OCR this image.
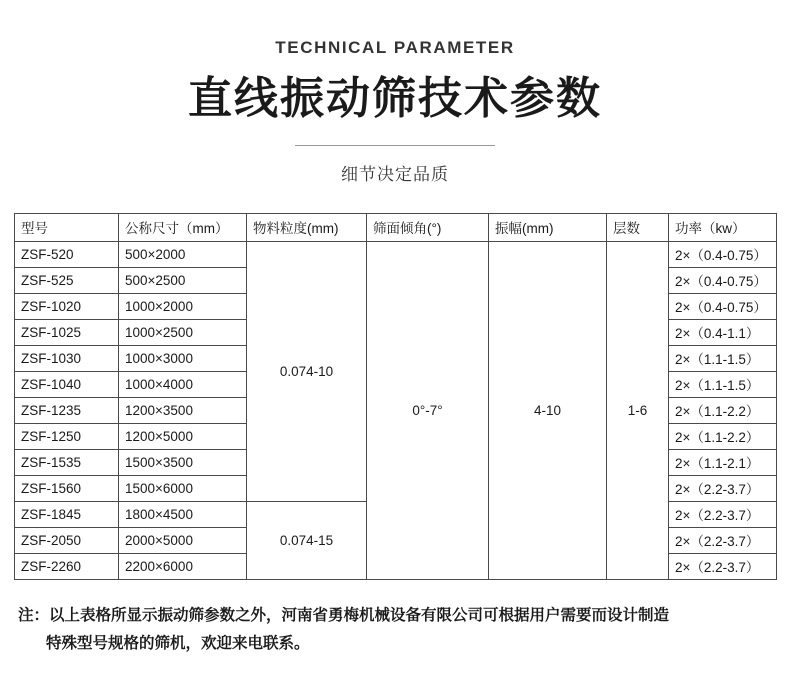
TECHNICAL PARAMETER
直线振动筛技术参数
细节决定品质
型号	公称尺寸（mm）	物料粒度(mm)	筛面倾角(°)	振幅(mm)	层数	功率（kw）
ZSF-520	500×2000	0.074-10	0°-7°	4-10	1-6	2×（0.4-0.75）
ZSF-525	500×2500					2×（0.4-0.75）
ZSF-1020	1000×2000					2×（0.4-0.75）
ZSF-1025	1000×2500					2×（0.4-1.1）
ZSF-1030	1000×3000					2×（1.1-1.5）
ZSF-1040	1000×4000					2×（1.1-1.5）
ZSF-1235	1200×3500					2×（1.1-2.2）
ZSF-1250	1200×5000					2×（1.1-2.2）
ZSF-1535	1500×3500					2×（1.1-2.1）
ZSF-1560	1500×6000					2×（2.2-3.7）
ZSF-1845	1800×4500	0.074-15				2×（2.2-3.7）
ZSF-2050	2000×5000					2×（2.2-3.7）
ZSF-2260	2200×6000					2×（2.2-3.7）
注：以上表格所显示振动筛参数之外，河南省勇梅机械设备有限公司可根据用户需要而设计制造
特殊型号规格的筛机，欢迎来电联系。
